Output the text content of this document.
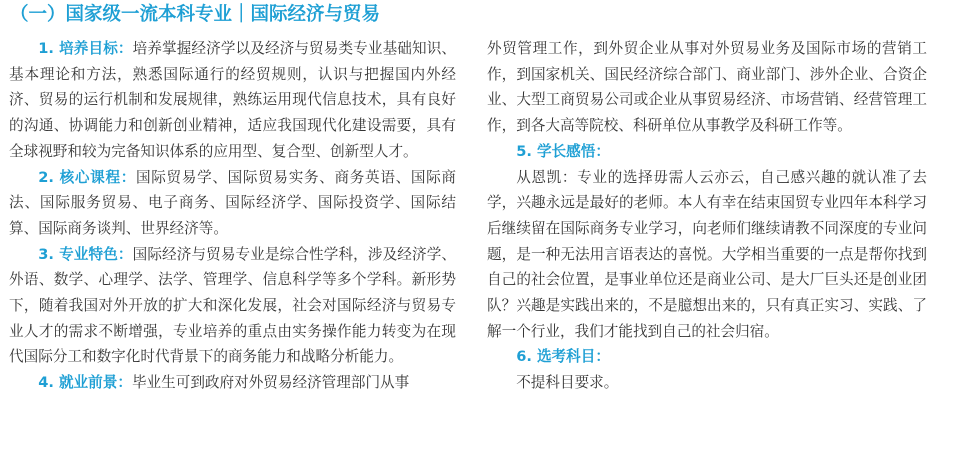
（一）国家级一流本科专业｜国际经济与贸易

1. 培养目标：培养掌握经济学以及经济与贸易类专业基础知识、基本理论和方法，熟悉国际通行的经贸规则，认识与把握国内外经济、贸易的运行机制和发展规律，熟练运用现代信息技术，具有良好的沟通、协调能力和创新创业精神，适应我国现代化建设需要，具有全球视野和较为完备知识体系的应用型、复合型、创新型人才。

2. 核心课程：国际贸易学、国际贸易实务、商务英语、国际商法、国际服务贸易、电子商务、国际经济学、国际投资学、国际结算、国际商务谈判、世界经济等。

3. 专业特色：国际经济与贸易专业是综合性学科，涉及经济学、外语、数学、心理学、法学、管理学、信息科学等多个学科。新形势下，随着我国对外开放的扩大和深化发展，社会对国际经济与贸易专业人才的需求不断增强，专业培养的重点由实务操作能力转变为在现代国际分工和数字化时代背景下的商务能力和战略分析能力。

4. 就业前景：毕业生可到政府对外贸易经济管理部门从事

外贸管理工作，到外贸企业从事对外贸易业务及国际市场的营销工作，到国家机关、国民经济综合部门、商业部门、涉外企业、合资企业、大型工商贸易公司或企业从事贸易经济、市场营销、经营管理工作，到各大高等院校、科研单位从事教学及科研工作等。

5. 学长感悟：

从恩凯：专业的选择毋需人云亦云，自己感兴趣的就认准了去学，兴趣永远是最好的老师。本人有幸在结束国贸专业四年本科学习后继续留在国际商务专业学习，向老师们继续请教不同深度的专业问题，是一种无法用言语表达的喜悦。大学相当重要的一点是帮你找到自己的社会位置，是事业单位还是商业公司、是大厂巨头还是创业团队？兴趣是实践出来的，不是臆想出来的，只有真正实习、实践、了解一个行业，我们才能找到自己的社会归宿。

6. 选考科目：

不提科目要求。
